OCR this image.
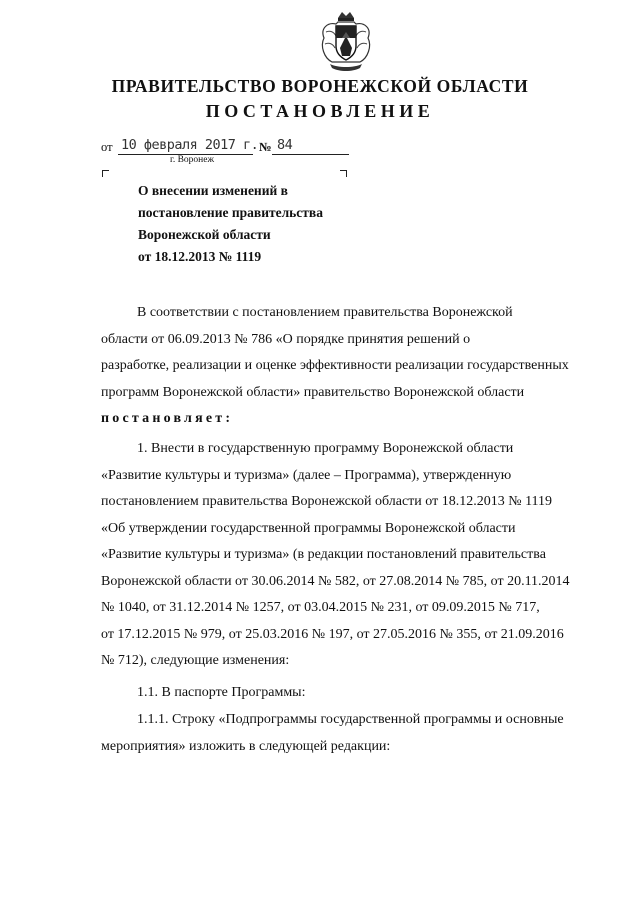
ПРАВИТЕЛЬСТВО ВОРОНЕЖСКОЙ ОБЛАСТИ
ПОСТАНОВЛЕНИЕ
от 10 февраля 2017 г. № 84
г. Воронеж
О внесении изменений в
постановление правительства
Воронежской области
от 18.12.2013 № 1119
В соответствии с постановлением правительства Воронежской
области от 06.09.2013 № 786 «О порядке принятия решений о
разработке, реализации и оценке эффективности реализации государственных
программ Воронежской области» правительство Воронежской области
постановляет:
1. Внести в государственную программу Воронежской области
«Развитие культуры и туризма» (далее – Программа), утвержденную
постановлением правительства Воронежской области от 18.12.2013 № 1119
«Об утверждении государственной программы Воронежской области
«Развитие культуры и туризма» (в редакции постановлений правительства
Воронежской области от 30.06.2014 № 582, от 27.08.2014 № 785, от 20.11.2014
№ 1040, от 31.12.2014 № 1257, от 03.04.2015 № 231, от 09.09.2015 № 717,
от 17.12.2015 № 979, от 25.03.2016 № 197, от 27.05.2016 № 355, от 21.09.2016
№ 712), следующие изменения:
1.1. В паспорте Программы:
1.1.1. Строку «Подпрограммы государственной программы и основные
мероприятия» изложить в следующей редакции:
